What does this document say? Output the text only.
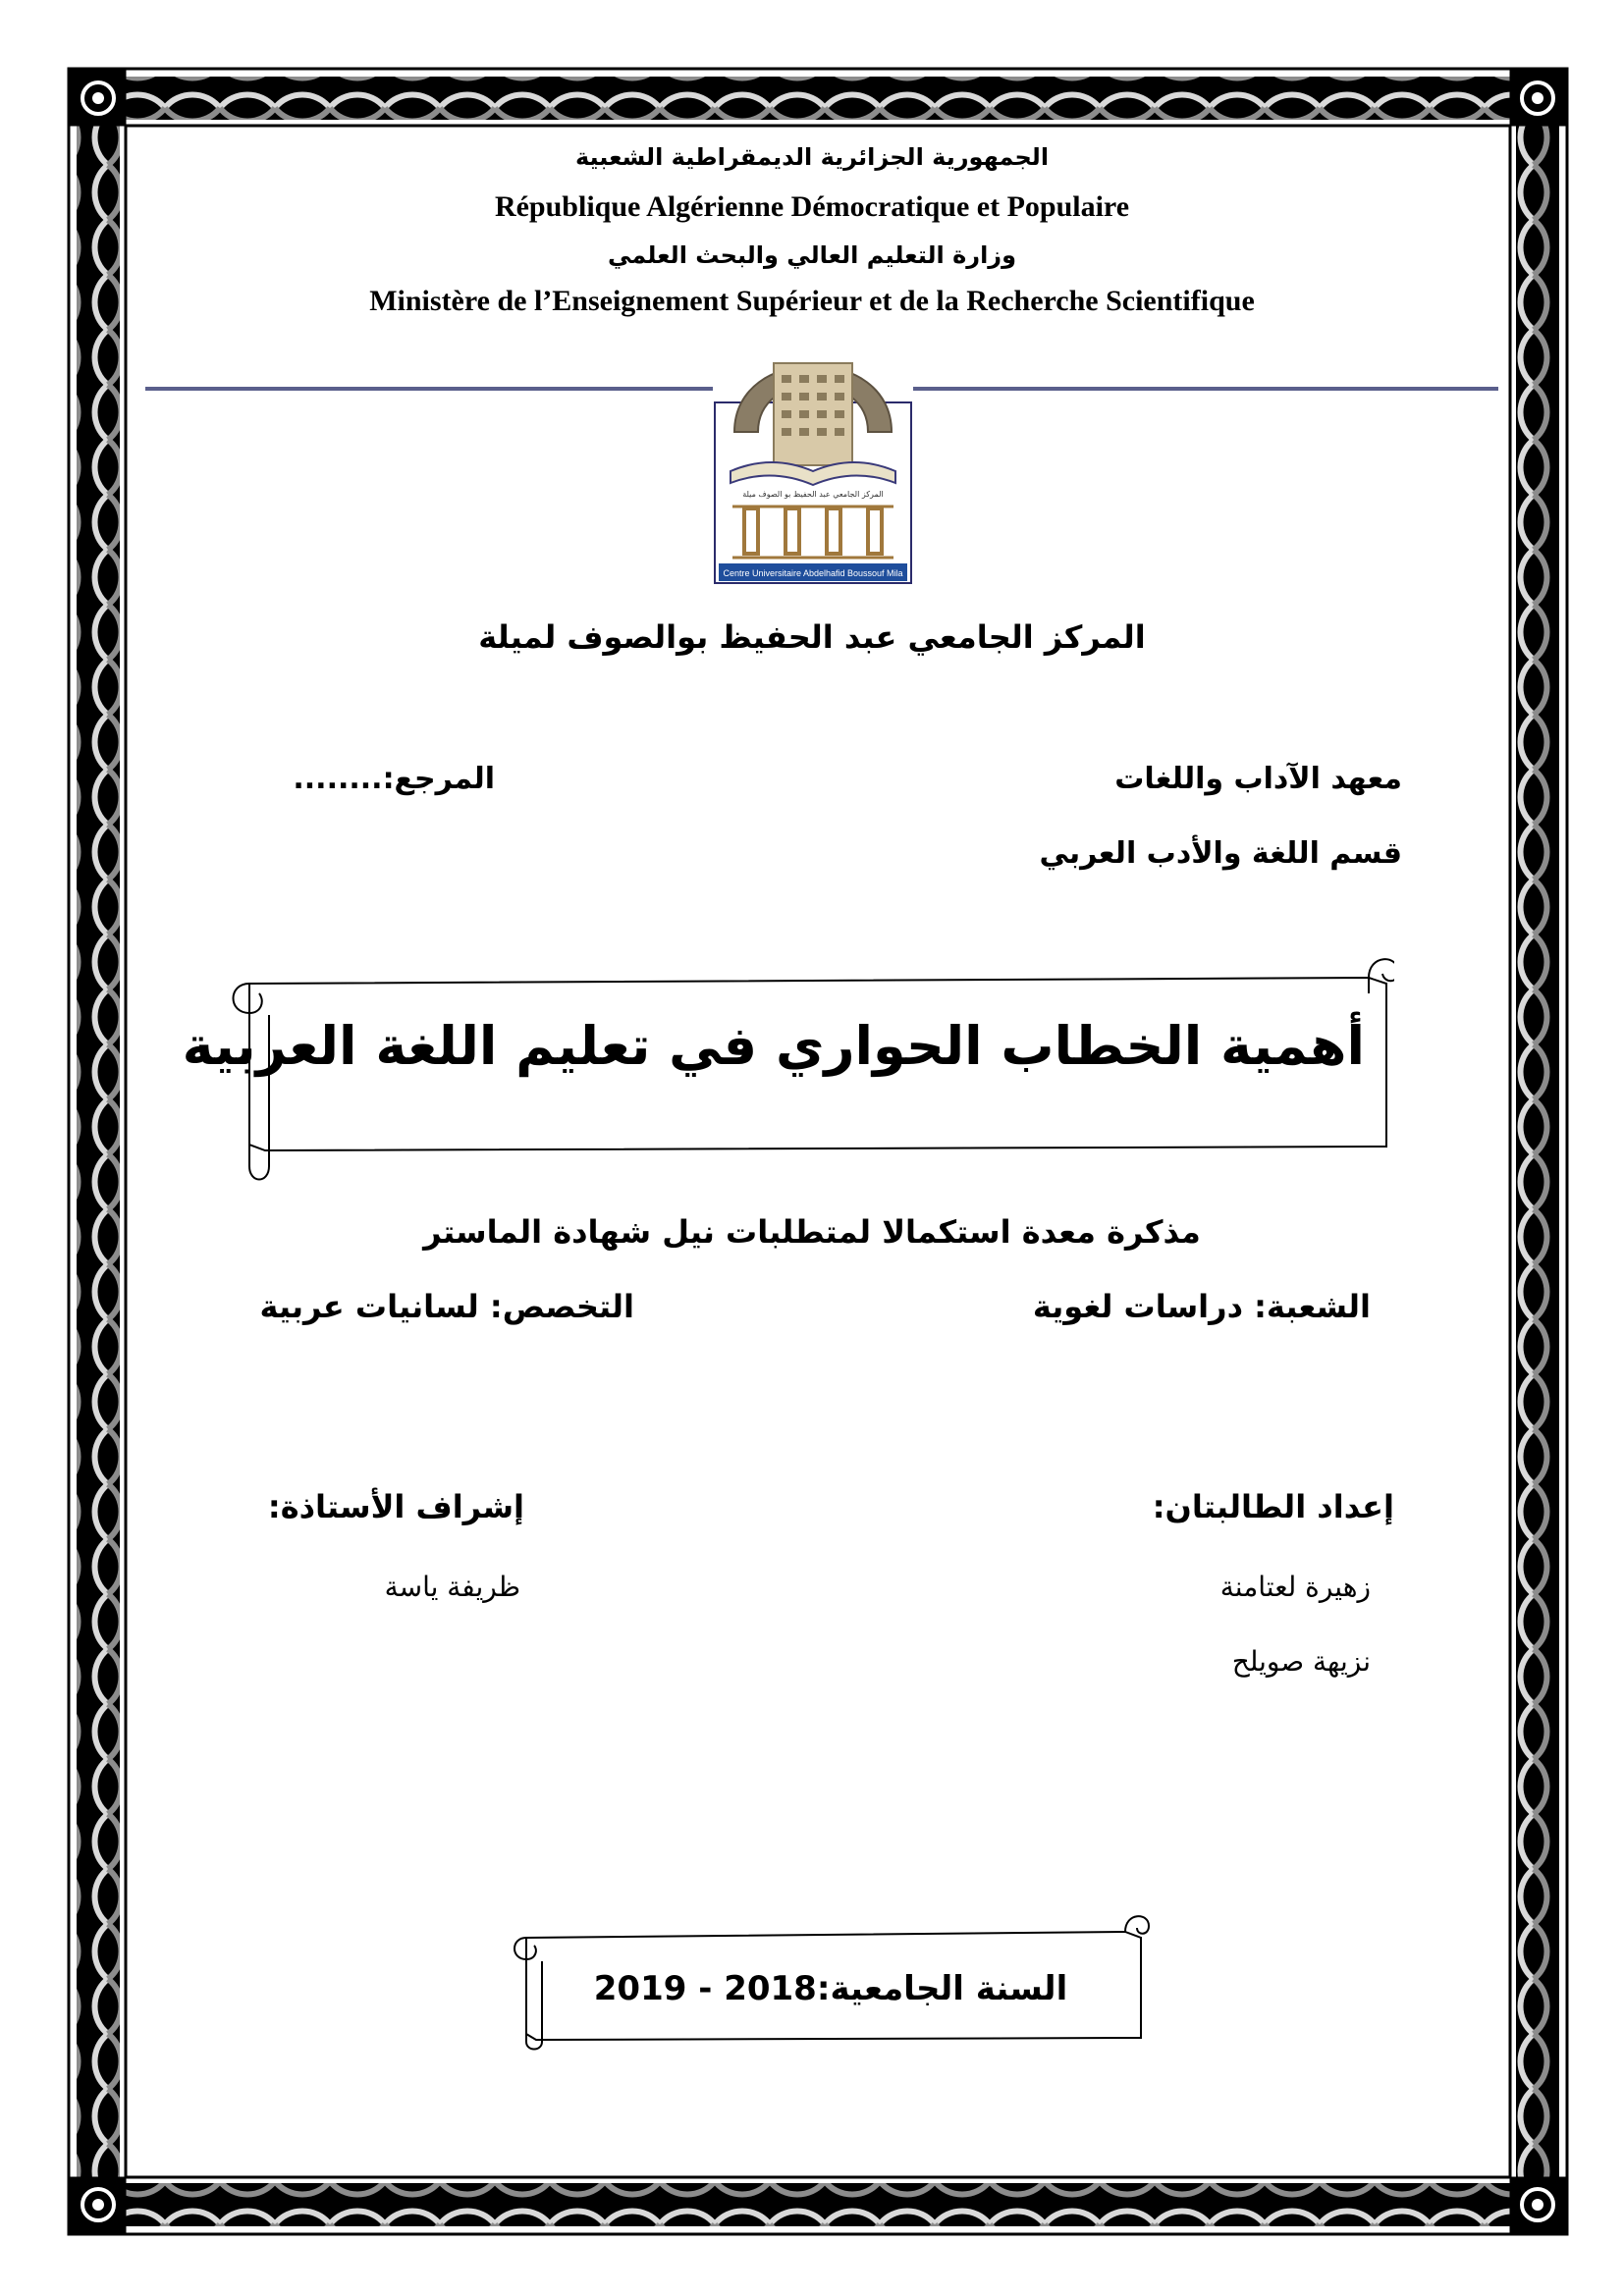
الجمهورية الجزائرية الديمقراطية الشعبية
République Algérienne Démocratique et Populaire
وزارة التعليم العالي والبحث العلمي
Ministère de l’Enseignement Supérieur et de la Recherche Scientifique
المركز الجامعي عبد الحفيظ بو الصوف ميلة
Centre Universitaire Abdelhafid Boussouf Mila
المركز الجامعي عبد الحفيظ بوالصوف لميلة
معهد الآداب واللغات
المرجع:........
قسم اللغة والأدب العربي
أهمية الخطاب الحواري في تعليم اللغة العربية
مذكرة معدة استكمالا لمتطلبات نيل شهادة الماستر
الشعبة: دراسات لغوية
التخصص: لسانيات عربية
إعداد الطالبتان:
إشراف الأستاذة:
زهيرة لعتامنة
نزيهة صويلح
ظريفة ياسة
السنة الجامعية:2018 - 2019
